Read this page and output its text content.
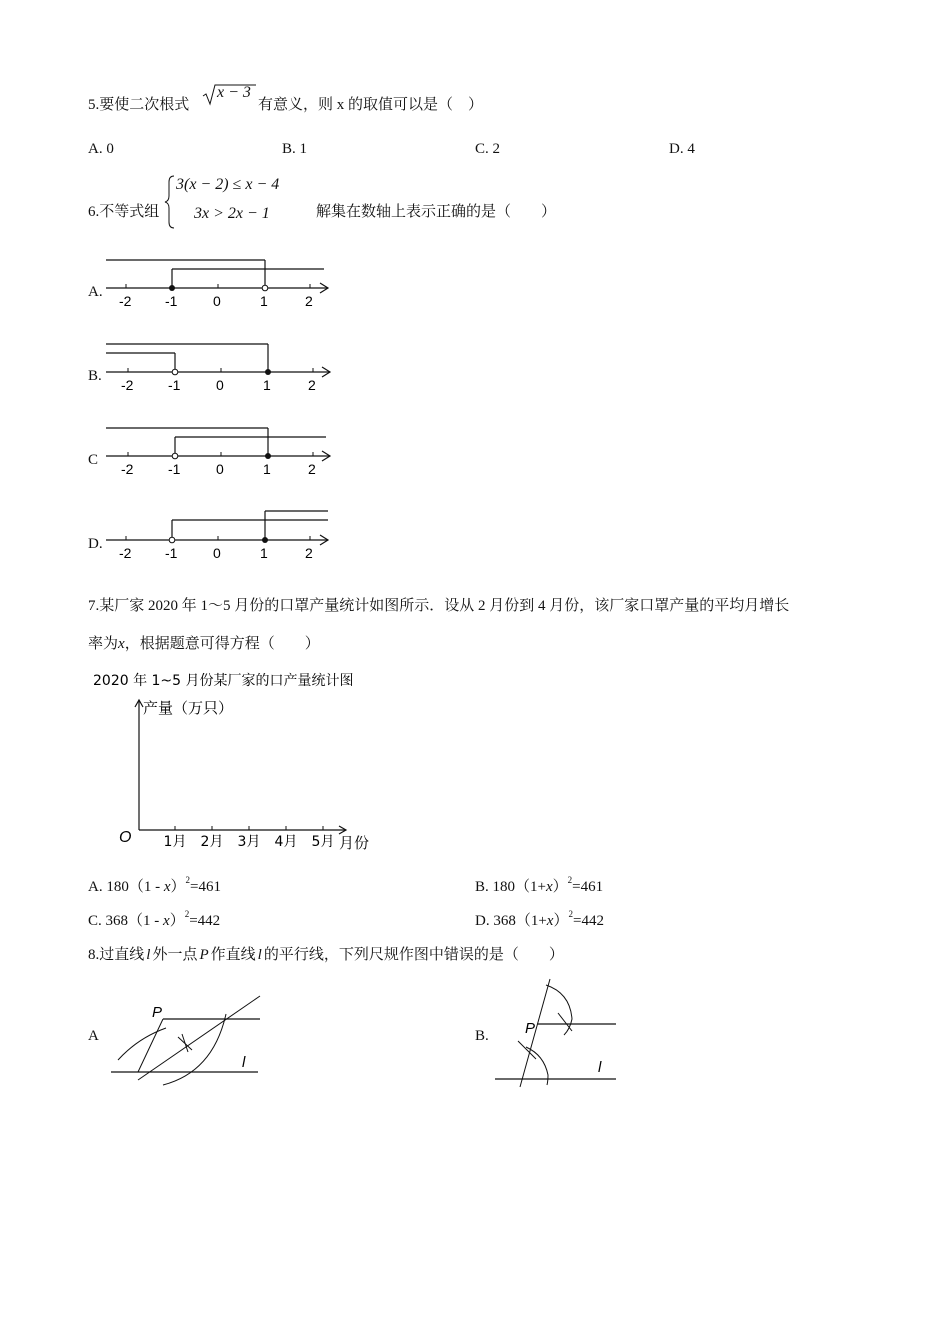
5.要使二次根式
x − 3
有意义，则 x 的取值可以是（　）
A. 0	B. 1	C. 2	D. 4
6.不等式组
3(x − 2) ≤ x − 4
3x > 2x − 1	解集在数轴上表示正确的是（　　）
A.
-2 -1	0	1	2
B.
-2 -1	0	1	2
C
-2 -1	0	1	2
D.
-2 -1	0	1	2
7.某厂家 2020 年 1～5 月份的口罩产量统计如图所示．设从 2 月份到 4 月份，该厂家口罩产量的平均月增长
率为x，根据题意可得方程（　　）
2020 年 1~5 月份某厂家的口产量统计图
产量（万只）
月份
O 1月 2月 3月 4月 5月
A. 180（1 - x）$^2$=461	B. $180(1+x)^2=461$
C. 368（1 - x）$^2$=442	D. $368(1+x)^2=442$
8.过直线 l 外一点 P 作直线 l 的平行线，下列尺规作图中错误的是（　　）
A
P
l
B. P
l
